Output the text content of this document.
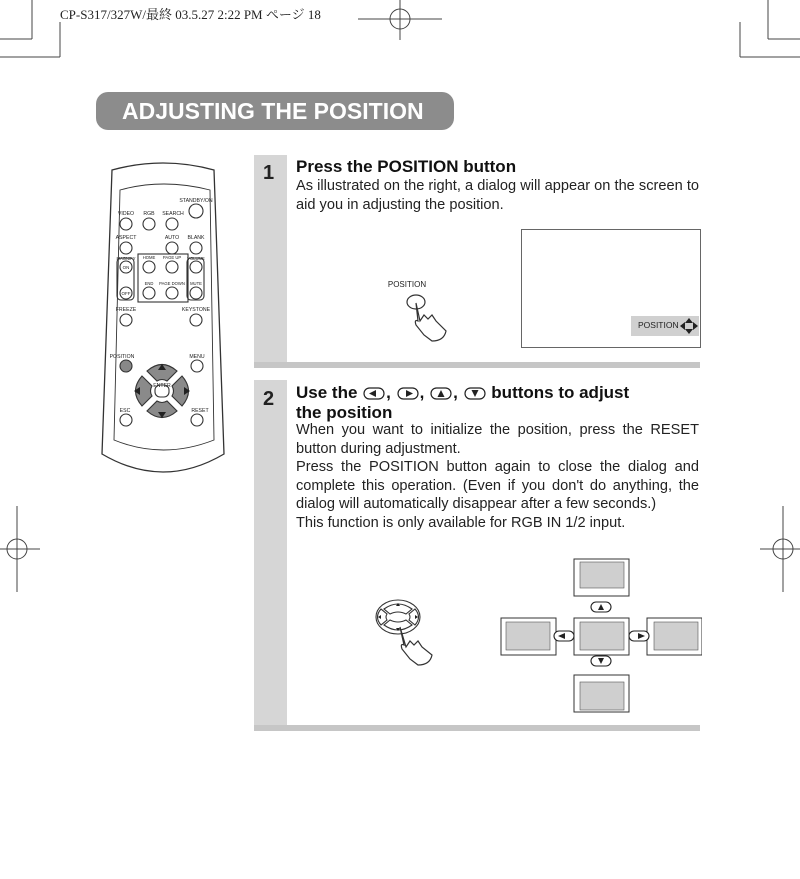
CP-S317/327W/最終 03.5.27 2:22 PM ページ 18
ADJUSTING THE POSITION
STANDBY/ON
VIDEO RGB SEARCH
ASPECT	AUTO BLANK
MAGNIFY HOME PAGE UP VOLUME
ON
END PAGE DOWN MUTE
OFF
FREEZE	KEYSTONE
POSITION	MENU
ENTER
ESC	RESET
1 Press the POSITION button

As illustrated on the right, a dialog will appear on the screen to aid you in adjusting the position.

POSITION
POSITION
2 Use the , , , buttons to adjust
the position

When you want to initialize the position, press the RESET button during adjustment.

Press the POSITION button again to close the dialog and complete this operation. (Even if you don't do anything, the dialog will automatically disappear after a few seconds.)

This function is only available for RGB IN 1/2 input.
